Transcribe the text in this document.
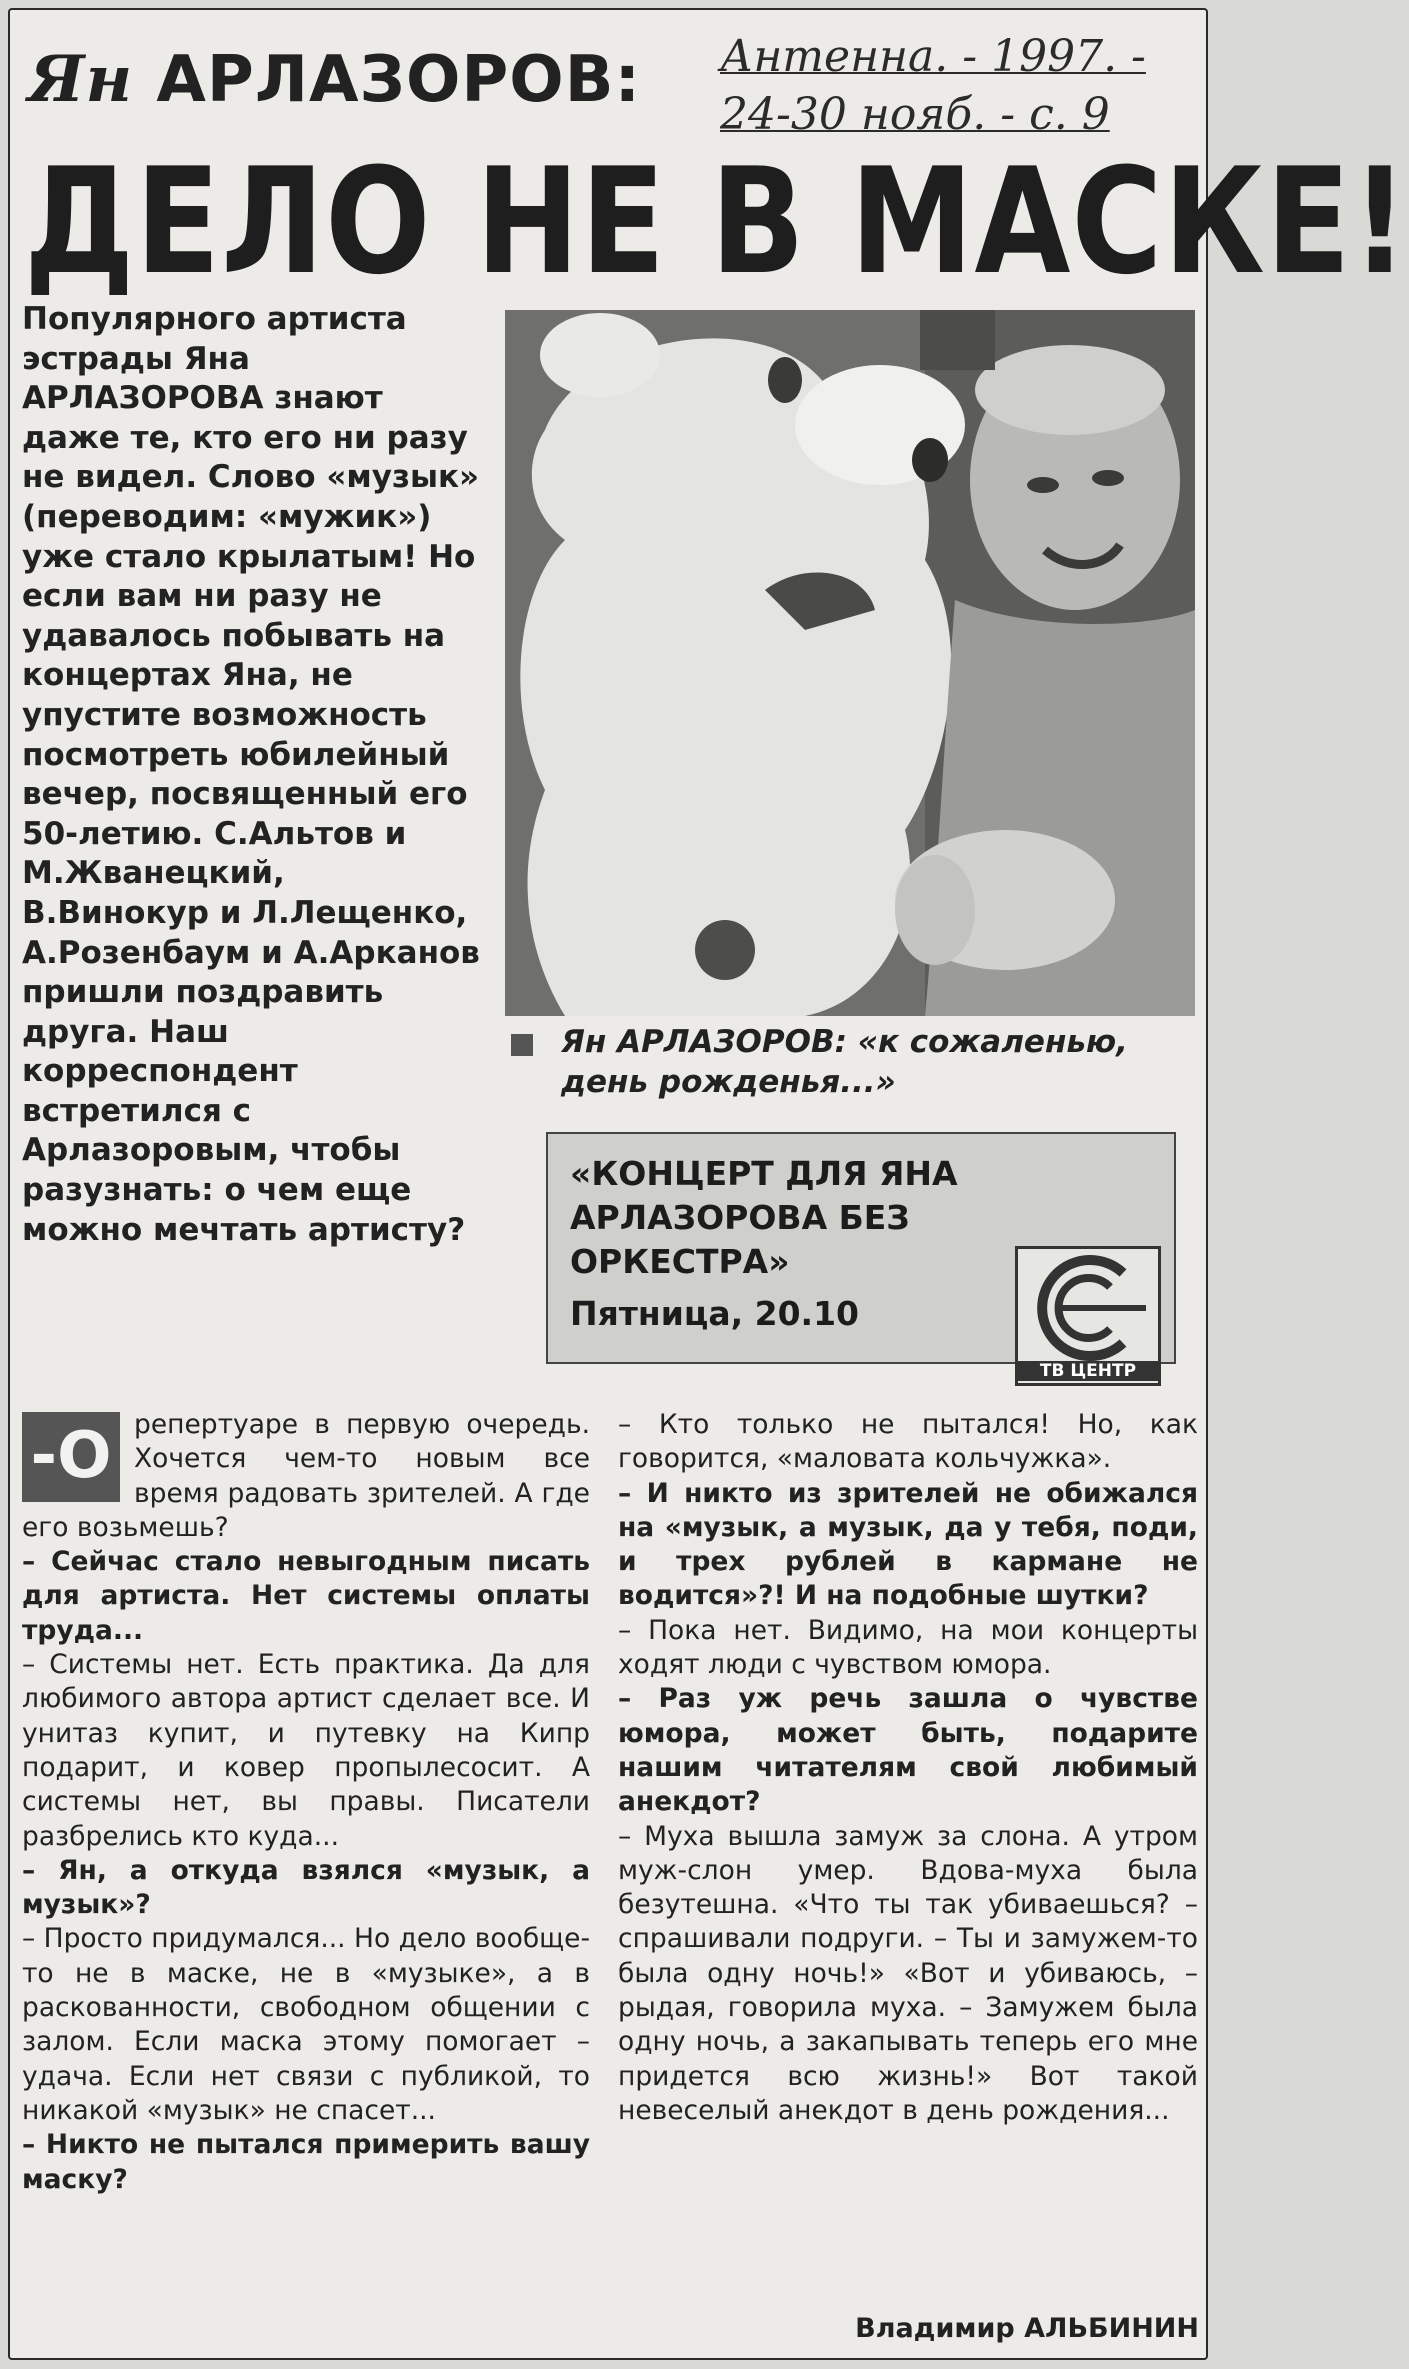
Антенна. - 1997. -
24-30 нояб. - с. 9
Ян АРЛАЗОРОВ:
ДЕЛО НЕ В МАСКЕ!
Популярного артиста эстрады Яна АРЛАЗОРОВА знают даже те, кто его ни разу не видел. Слово «музык» (переводим: «мужик») уже стало крылатым! Но если вам ни разу не удавалось побывать на концертах Яна, не упустите возможность посмотреть юбилейный вечер, посвященный его 50-летию. С.Альтов и М.Жванецкий, В.Винокур и Л.Лещенко, А.Розенбаум и А.Арканов пришли поздравить друга. Наш корреспондент встретился с Арлазоровым, чтобы разузнать: о чем еще можно мечтать артисту?
Ян АРЛАЗОРОВ: «к сожаленью, день рожденья...»
«КОНЦЕРТ ДЛЯ ЯНА АРЛАЗОРОВА БЕЗ ОРКЕСТРА»
Пятница, 20.10
ТВ ЦЕНТР
-О репертуаре в первую очередь. Хочется чем-то новым все время радовать зрителей. А где его возьмешь?

– Сейчас стало невыгодным писать для артиста. Нет системы оплаты труда...

– Системы нет. Есть практика. Да для любимого автора артист сделает все. И унитаз купит, и путевку на Кипр подарит, и ковер пропылесосит. А системы нет, вы правы. Писатели разбрелись кто куда...

– Ян, а откуда взялся «музык, а музык»?

– Просто придумался... Но дело вообще-то не в маске, не в «музыке», а в раскованности, свободном общении с залом. Если маска этому помогает – удача. Если нет связи с публикой, то никакой «музык» не спасет...

– Никто не пытался примерить вашу маску?

– Кто только не пытался! Но, как говорится, «маловата кольчужка».

– И никто из зрителей не обижался на «музык, а музык, да у тебя, поди, и трех рублей в кармане не водится»?! И на подобные шутки?

– Пока нет. Видимо, на мои концерты ходят люди с чувством юмора.

– Раз уж речь зашла о чувстве юмора, может быть, подарите нашим читателям свой любимый анекдот?

– Муха вышла замуж за слона. А утром муж-слон умер. Вдова-муха была безутешна. «Что ты так убиваешься? – спрашивали подруги. – Ты и замужем-то была одну ночь!» «Вот и убиваюсь, – рыдая, говорила муха. – Замужем была одну ночь, а закапывать теперь его мне придется всю жизнь!» Вот такой невеселый анекдот в день рождения...

Владимир АЛЬБИНИН
